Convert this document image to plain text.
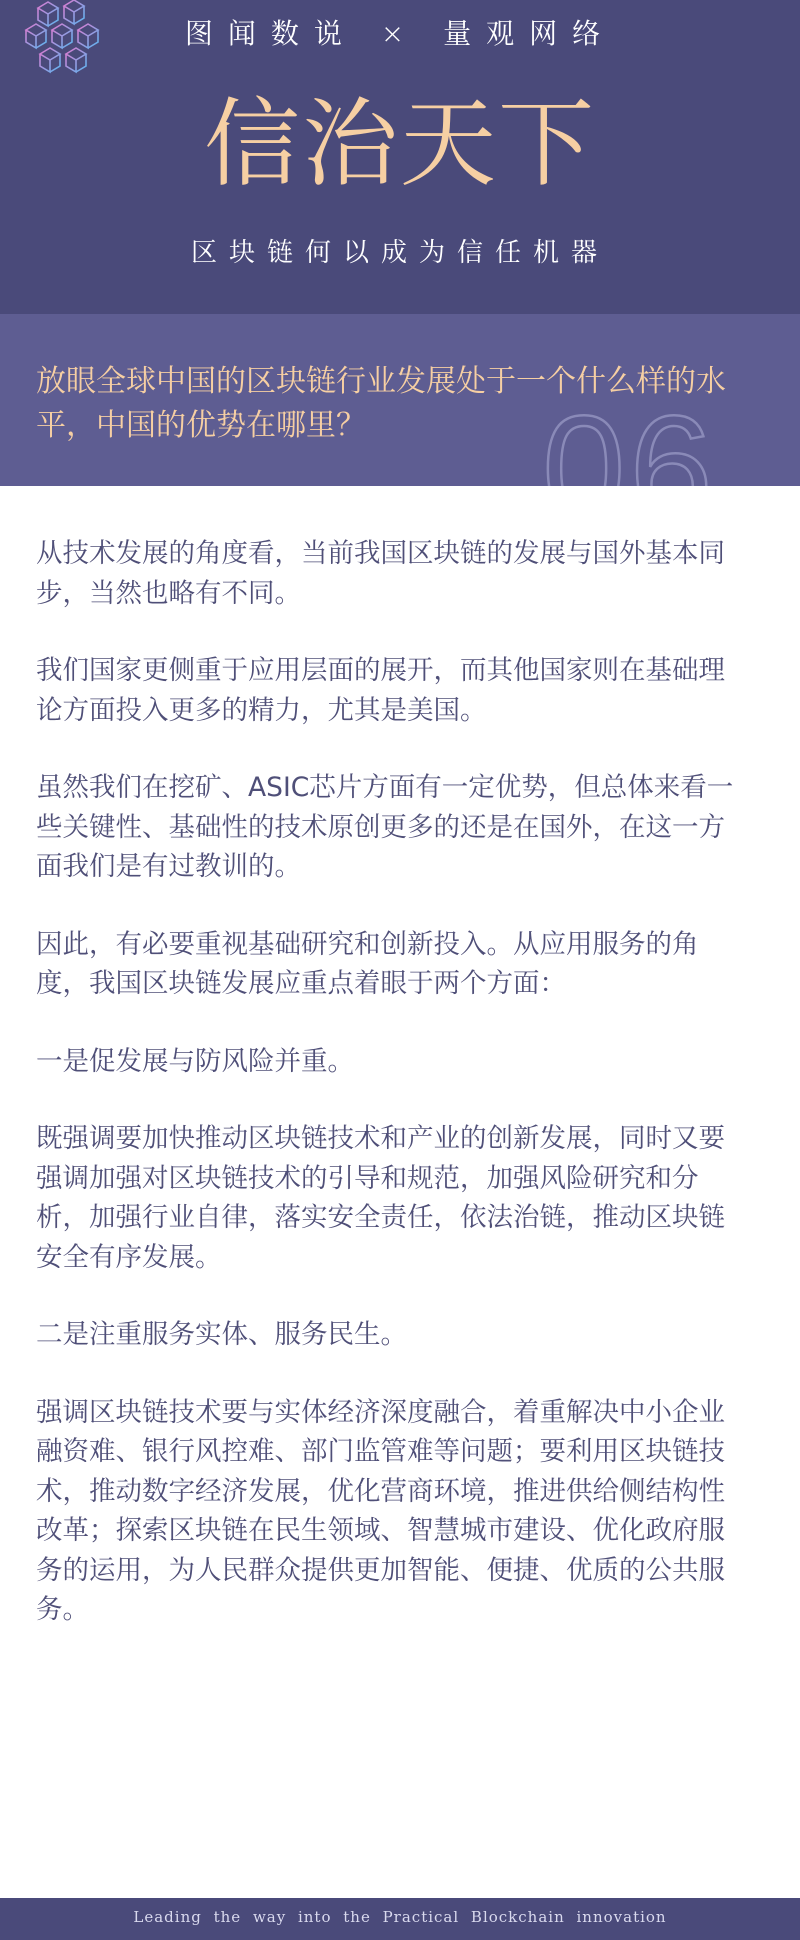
图闻数说 × 量观网络
信治天下
区块链何以成为信任机器
06
放眼全球中国的区块链行业发展处于一个什么样的水平，中国的优势在哪里？

从技术发展的角度看，当前我国区块链的发展与国外基本同步，当然也略有不同。

我们国家更侧重于应用层面的展开，而其他国家则在基础理论方面投入更多的精力，尤其是美国。

虽然我们在挖矿、ASIC芯片方面有一定优势，但总体来看一些关键性、基础性的技术原创更多的还是在国外，在这一方面我们是有过教训的。

因此，有必要重视基础研究和创新投入。从应用服务的角度，我国区块链发展应重点着眼于两个方面：

一是促发展与防风险并重。

既强调要加快推动区块链技术和产业的创新发展，同时又要强调加强对区块链技术的引导和规范，加强风险研究和分析，加强行业自律，落实安全责任，依法治链，推动区块链安全有序发展。

二是注重服务实体、服务民生。

强调区块链技术要与实体经济深度融合，着重解决中小企业融资难、银行风控难、部门监管难等问题；要利用区块链技术，推动数字经济发展，优化营商环境，推进供给侧结构性改革；探索区块链在民生领域、智慧城市建设、优化政府服务的运用，为人民群众提供更加智能、便捷、优质的公共服务。

Leading the way into the Practical Blockchain innovation
